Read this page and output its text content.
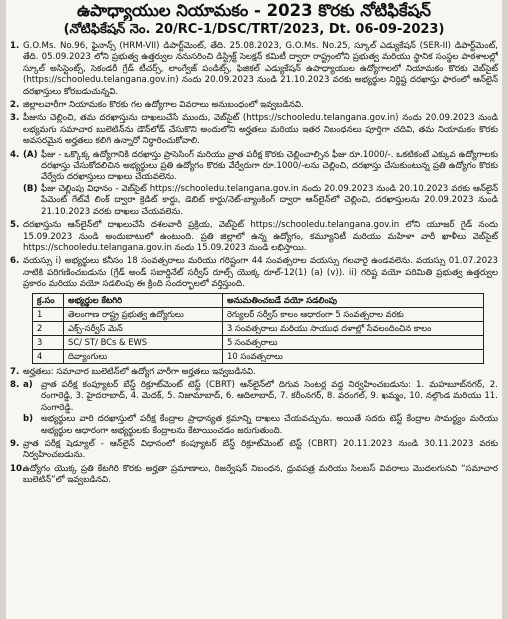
ఉపాధ్యాయుల నియామకం - 2023 కొరకు నోటిఫికేషన్
(నోటిఫికేషన్ నెం. 20/RC-1/DSC/TRT/2023, Dt. 06-09-2023)
1. G.O.Ms. No.96, ఫైనాన్స్ (HRM-VII) డిపార్ట్‌మెంట్, తేది. 25.08.2023, G.O.Ms. No.25, స్కూల్ ఎడ్యుకేషన్ (SER-II) డిపార్ట్‌మెంట్, తేది. 05.09.2023 లోని ప్రభుత్వ ఉత్తర్వుల ననుసరించి డిస్ట్రిక్ట్ సెలక్షన్ కమిటీ ద్వారా రాష్ట్రంలోని ప్రభుత్వ మరియు స్థానిక సంస్థల పాఠశాలల్లో స్కూల్ అసిస్టెంట్స్, సెకండరీ గ్రేడ్ టీచర్స్, లాంగ్వేజ్ పండిట్స్, ఫిజికల్ ఎడ్యుకేషన్ ఉపాధ్యాయుల ఉద్యోగాలలో నియామకం కొరకు వెబ్‌సైట్ (https://schooledu.telangana.gov.in) నందు 20.09.2023 నుండి 21.10.2023 వరకు అభ్యర్థుల నిర్దిష్ట దరఖాస్తు ఫారంలో ఆన్‌లైన్ దరఖాస్తులు కోరబడుచున్నవి.
2. జిల్లాలవారీగా నియామకం కొరకు గల ఉద్యోగాల వివరాలు అనుబంధంలో ఇవ్వబడినవి.
3. పీజును చెల్లించి, తమ దరఖాస్తును దాఖలుచేసే ముందు, వెబ్‌సైట్ (https://schooledu.telangana.gov.in) నందు 20.09.2023 నుండి లభ్యమగు సమాచార బులెటిన్‌ను డౌన్‌లోడ్ చేసుకొని అందులోని అర్హతలు మరియు ఇతర నిబంధనలు పూర్తిగా చదివి, తమ నియామకం కొరకు అవసరమైన అర్హతలు కలిగి ఉన్నారో నిర్ధారించుకోవాలి.
4. (A) ఫీజు - ఒక్కొక్క ఉద్యోగానికి దరఖాస్తు ప్రాసెసింగ్ మరియు వ్రాత పరీక్ష కొరకు చెల్లించాల్సిన ఫీజు రూ.1000/-. ఒకటికంటే ఎక్కువ ఉద్యోగాలకు దరఖాస్తు చేసుకోదలిచిన అభ్యర్థులు ప్రతి ఉద్యోగం కొరకు వేర్వేరుగా రూ.1000/-లను చెల్లించి, దరఖాస్తు చేసుకుంటున్న ప్రతి ఉద్యోగం కొరకు వేర్వేరు దరఖాస్తులు దాఖలు చేయవలెను.
(B) ఫీజు చెల్లింపు విధానం - వెబ్‌సైట్ https://schooledu.telangana.gov.in నందు 20.09.2023 నుండి 20.10.2023 వరకు ఆన్‌లైన్ పేమెంట్ గేట్‌వే లింక్ ద్వారా క్రెడిట్ కార్డు, డెబిట్ కార్డు/నెట్-బ్యాంకింగ్ ద్వారా ఆన్‌లైన్‌లో చెల్లించి, దరఖాస్తులను 20.09.2023 నుండి 21.10.2023 వరకు దాఖలు చేయవలెను.
5. దరఖాస్తును ఆన్‌లైన్‌లో దాఖలుచేసే దశలవారీ ప్రక్రియ, వెబ్‌సైట్ https://schooledu.telangana.gov.in లోని యూజర్ గైడ్ నందు 15.09.2023 నుండి అందుబాటులో ఉంటుంది. ప్రతి జిల్లాలో ఉన్న ఉద్యోగం, కమ్యూనిటీ మరియు మహిళా వారీ ఖాళీలు వెబ్‌సైట్ https://schooledu.telangana.gov.in నందు 15.09.2023 నుండి లభిస్తాయి.
6. వయస్సు i) అభ్యర్థులు కనీసం 18 సంవత్సరాలు మరియు గరిష్టంగా 44 సంవత్సరాల వయస్సు గలవారై ఉండవలెను. వయస్సు 01.07.2023 నాటికి పరిగణించబడును (గ్రేడ్ అండ్ సబార్డినేట్ సర్వీస్ రూల్స్ యొక్క రూల్-12(1) (a) (v)). ii) గరిష్ట వయో పరిమితి ప్రభుత్వ ఉత్తర్వుల ప్రకారం మరియు వయో సడలింపు ఈ క్రింది సందర్భాలలో వర్తిస్తుంది.
క్ర.సం	అభ్యర్థుల కేటగిరి	అనుమతించబడే వయో సడలింపు
1	తెలంగాణ రాష్ట్ర ప్రభుత్వ ఉద్యోగులు	రెగ్యులర్ సర్వీస్ కాలం ఆధారంగా 5 సంవత్సరాల వరకు
2	ఎక్స్-సర్వీస్ మెన్	3 సంవత్సరాలు మరియు సాయుధ దళాల్లో సేవలందించిన కాలం
3	SC/ ST/ BCs & EWS	5 సంవత్సరాలు
4	దివ్యాంగులు	10 సంవత్సరాలు
7. అర్హతలు: సమాచార బులెటిన్‌లో ఉద్యోగ వారీగా అర్హతలు ఇవ్వబడినవి.
8. a) వ్రాత పరీక్ష కంప్యూటర్ బేస్డ్ రిక్రూట్‌మెంట్ టెస్ట్ (CBRT) ఆన్‌లైన్‌లో దిగువ సెంటర్ల వద్ద నిర్వహించబడును: 1. మహబూబ్‌నగర్, 2. రంగారెడ్డి, 3. హైదరాబాద్, 4. మెదక్, 5. నిజామాబాద్, 6. ఆదిలాబాద్, 7. కరీంనగర్, 8. వరంగల్, 9. ఖమ్మం, 10. నల్గొండ మరియు 11. సంగారెడ్డి.
b) అభ్యర్థులు వారి దరఖాస్తులో పరీక్ష కేంద్రాల ప్రాధాన్యత క్రమాన్ని దాఖలు చేయవచ్చును. అయితే సదరు టెస్ట్ కేంద్రాల సామర్థ్యం మరియు అభ్యర్థుల ఆధారంగా అభ్యర్థులకు కేంద్రాలను కేటాయించడం జరుగుతుంది.
9. వ్రాత పరీక్ష షెడ్యూల్ - ఆన్‌లైన్ విధానంలో కంప్యూటర్ బేస్డ్ రిక్రూట్‌మెంట్ టెస్ట్ (CBRT) 20.11.2023 నుండి 30.11.2023 వరకు నిర్వహించబడును.
10.
ఉద్యోగం యొక్క ప్రతి కేటగిరి కొరకు అర్హతా ప్రమాణాలు, రిజర్వేషన్ నిబంధన, ధ్రువపత్ర మరియు సిలబస్ వివరాలు మొదలగునవి “సమాచార బులెటిన్”లో ఇవ్వబడినవి.
